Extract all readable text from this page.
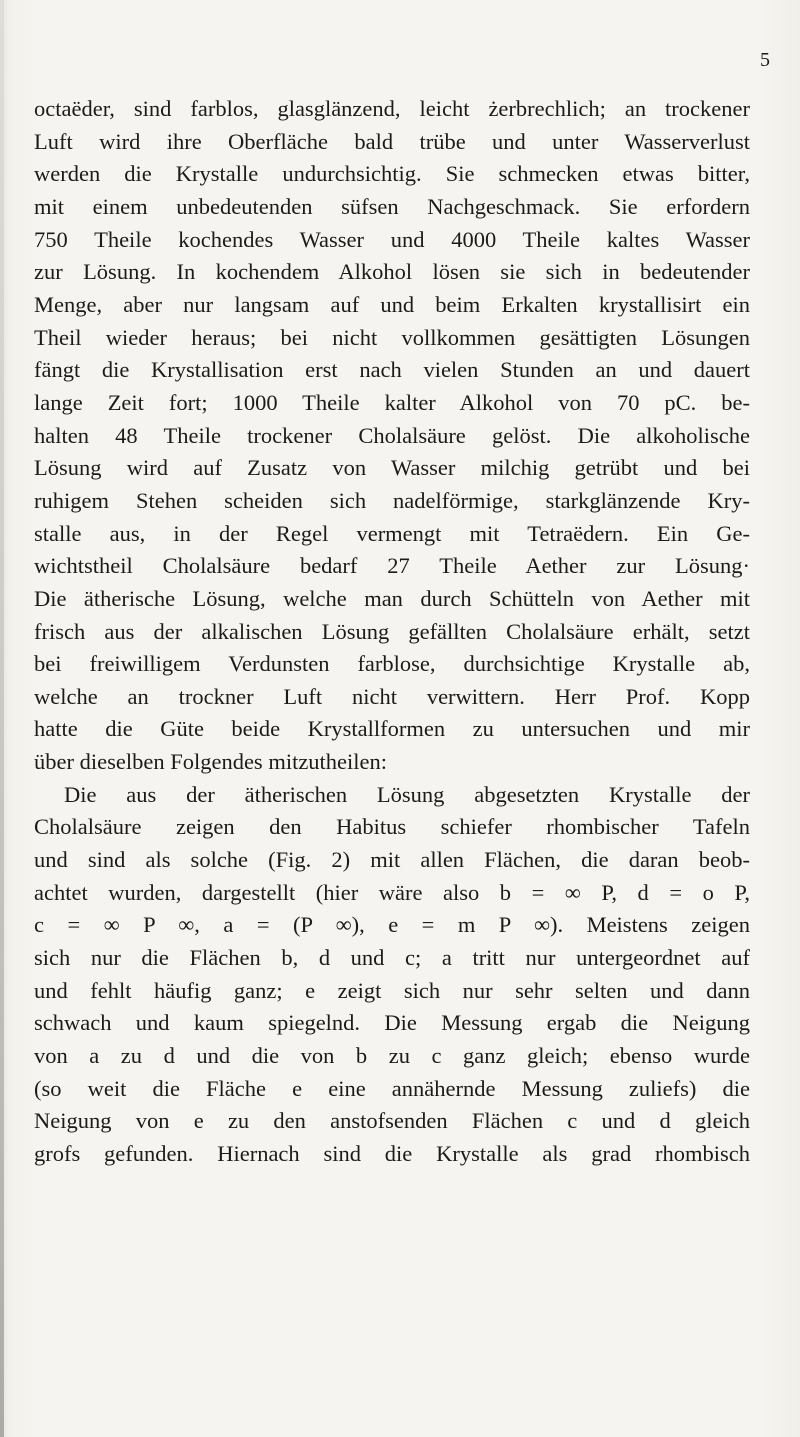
5
octaëder, sind farblos, glasglänzend, leicht żerbrechlich; an trockener
Luft wird ihre Oberfläche bald trübe und unter Wasserverlust
werden die Krystalle undurchsichtig. Sie schmecken etwas bitter,
mit einem unbedeutenden süfsen Nachgeschmack. Sie erfordern
750 Theile kochendes Wasser und 4000 Theile kaltes Wasser
zur Lösung. In kochendem Alkohol lösen sie sich in bedeutender
Menge, aber nur langsam auf und beim Erkalten krystallisirt ein
Theil wieder heraus; bei nicht vollkommen gesättigten Lösungen
fängt die Krystallisation erst nach vielen Stunden an und dauert
lange Zeit fort; 1000 Theile kalter Alkohol von 70 pC. be-
halten 48 Theile trockener Cholalsäure gelöst. Die alkoholische
Lösung wird auf Zusatz von Wasser milchig getrübt und bei
ruhigem Stehen scheiden sich nadelförmige, starkglänzende Kry-
stalle aus, in der Regel vermengt mit Tetraëdern. Ein Ge-
wichtstheil Cholalsäure bedarf 27 Theile Aether zur Lösung·
Die ätherische Lösung, welche man durch Schütteln von Aether mit
frisch aus der alkalischen Lösung gefällten Cholalsäure erhält, setzt
bei freiwilligem Verdunsten farblose, durchsichtige Krystalle ab,
welche an trockner Luft nicht verwittern. Herr Prof. Kopp
hatte die Güte beide Krystallformen zu untersuchen und mir
über dieselben Folgendes mitzutheilen:
Die aus der ätherischen Lösung abgesetzten Krystalle der
Cholalsäure zeigen den Habitus schiefer rhombischer Tafeln
und sind als solche (Fig. 2) mit allen Flächen, die daran beob-
achtet wurden, dargestellt (hier wäre also b = ∞ P, d = o P,
c = ∞ P ∞, a = (P ∞), e = m P ∞). Meistens zeigen
sich nur die Flächen b, d und c; a tritt nur untergeordnet auf
und fehlt häufig ganz; e zeigt sich nur sehr selten und dann
schwach und kaum spiegelnd. Die Messung ergab die Neigung
von a zu d und die von b zu c ganz gleich; ebenso wurde
(so weit die Fläche e eine annähernde Messung zuliefs) die
Neigung von e zu den anstofsenden Flächen c und d gleich
grofs gefunden. Hiernach sind die Krystalle als grad rhombisch
